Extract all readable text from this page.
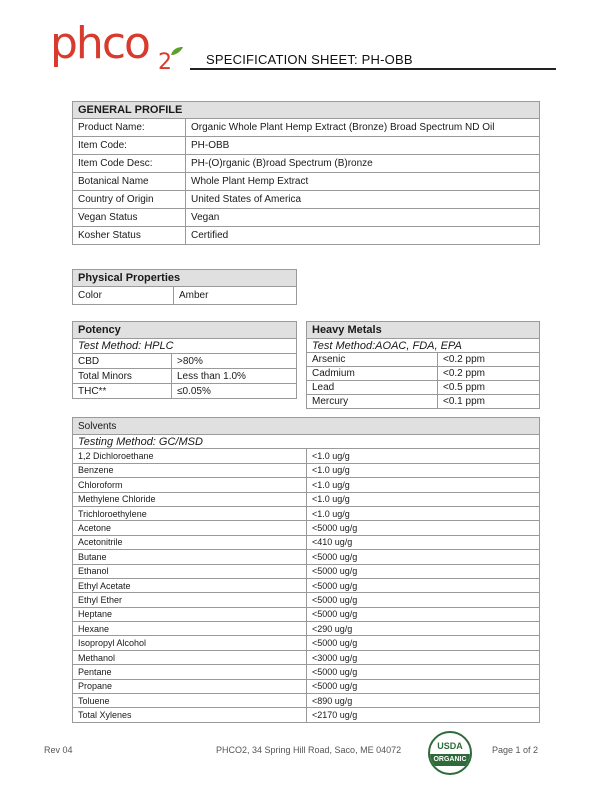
phco 2	SPECIFICATION SHEET: PH-OBB
GENERAL PROFILE	
Product Name:	Organic Whole Plant Hemp Extract (Bronze) Broad Spectrum ND Oil
Item Code:	PH-OBB
Item Code Desc:	PH-(O)rganic (B)road Spectrum (B)ronze
Botanical Name	Whole Plant Hemp Extract
Country of Origin	United States of America
Vegan Status	Vegan
Kosher Status	Certified
Physical Properties
Color	Amber
Potency	
Test Method: HPLC	
CBD	>80%
Total Minors	Less than 1.0%
THC**	≤0.05%
Heavy Metals	
Test Method:AOAC, FDA, EPA	
Arsenic	<0.2 ppm
Cadmium	<0.2 ppm
Lead	<0.5 ppm
Mercury	<0.1 ppm
Solvents	
Testing Method: GC/MSD	
1,2 Dichloroethane	<1.0 ug/g
Benzene	<1.0 ug/g
Chloroform	<1.0 ug/g
Methylene Chloride	<1.0 ug/g
Trichloroethylene	<1.0 ug/g
Acetone	<5000 ug/g
Acetonitrile	<410 ug/g
Butane	<5000 ug/g
Ethanol	<5000 ug/g
Ethyl Acetate	<5000 ug/g
Ethyl Ether	<5000 ug/g
Heptane	<5000 ug/g
Hexane	<290 ug/g
Isopropyl Alcohol	<5000 ug/g
Methanol	<3000 ug/g
Pentane	<5000 ug/g
Propane	<5000 ug/g
Toluene	<890 ug/g
Total Xylenes	<2170 ug/g
Rev 04	PHCO2, 34 Spring Hill Road, Saco, ME 04072	USDA
ORGANIC
Page 1 of 2
